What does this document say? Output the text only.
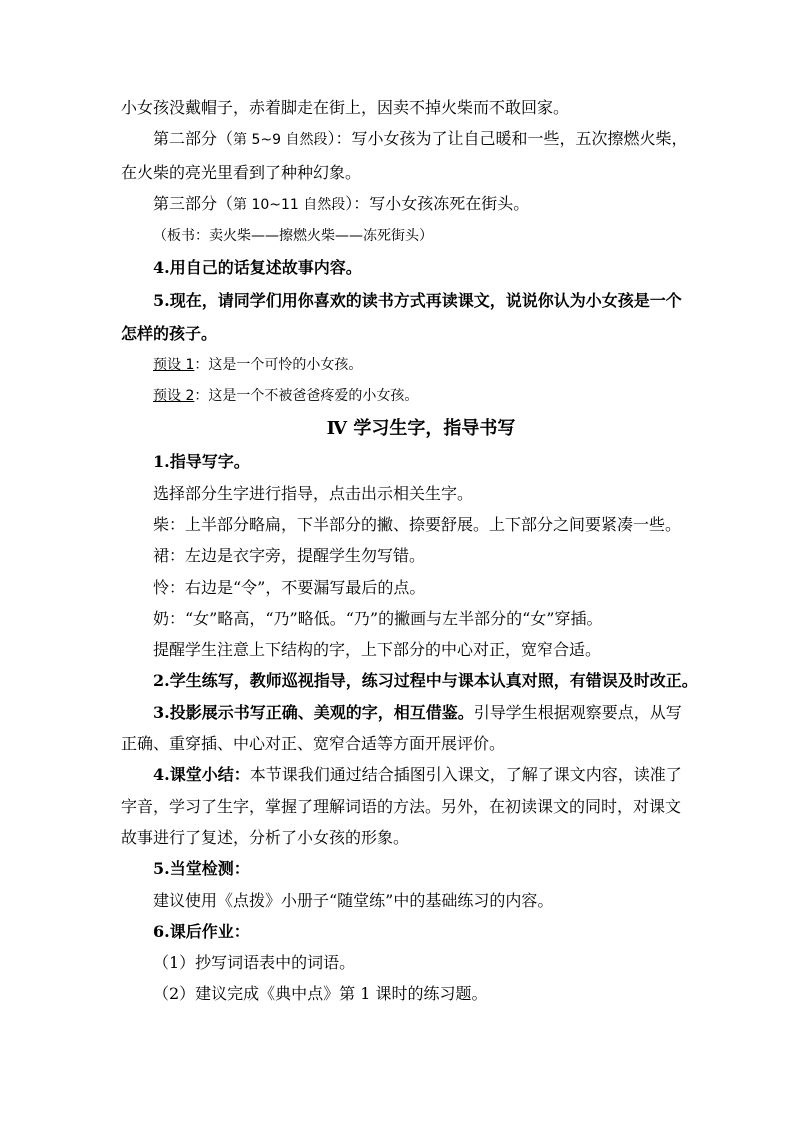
小女孩没戴帽子，赤着脚走在街上，因卖不掉火柴而不敢回家。
第二部分（第 5~9 自然段）：写小女孩为了让自己暖和一些，五次擦燃火柴，
在火柴的亮光里看到了种种幻象。
第三部分（第 10~11 自然段）：写小女孩冻死在街头。
（板书：卖火柴——擦燃火柴——冻死街头）
4.用自己的话复述故事内容。
5.现在，请同学们用你喜欢的读书方式再读课文，说说你认为小女孩是一个
怎样的孩子。
预设 1：这是一个可怜的小女孩。
预设 2：这是一个不被爸爸疼爱的小女孩。
Ⅳ 学习生字，指导书写
1.指导写字。
选择部分生字进行指导，点击出示相关生字。
柴：上半部分略扁，下半部分的撇、捺要舒展。上下部分之间要紧凑一些。
裙：左边是衣字旁，提醒学生勿写错。
怜：右边是“令”，不要漏写最后的点。
奶：“女”略高，“乃”略低。“乃”的撇画与左半部分的“女”穿插。
提醒学生注意上下结构的字，上下部分的中心对正，宽窄合适。
2.学生练写，教师巡视指导，练习过程中与课本认真对照，有错误及时改正。
3.投影展示书写正确、美观的字，相互借鉴。引导学生根据观察要点，从写
正确、重穿插、中心对正、宽窄合适等方面开展评价。
4.课堂小结：本节课我们通过结合插图引入课文，了解了课文内容，读准了
字音，学习了生字，掌握了理解词语的方法。另外，在初读课文的同时，对课文
故事进行了复述，分析了小女孩的形象。
5.当堂检测：
建议使用《点拨》小册子“随堂练”中的基础练习的内容。
6.课后作业：
（1）抄写词语表中的词语。
（2）建议完成《典中点》第 1 课时的练习题。
